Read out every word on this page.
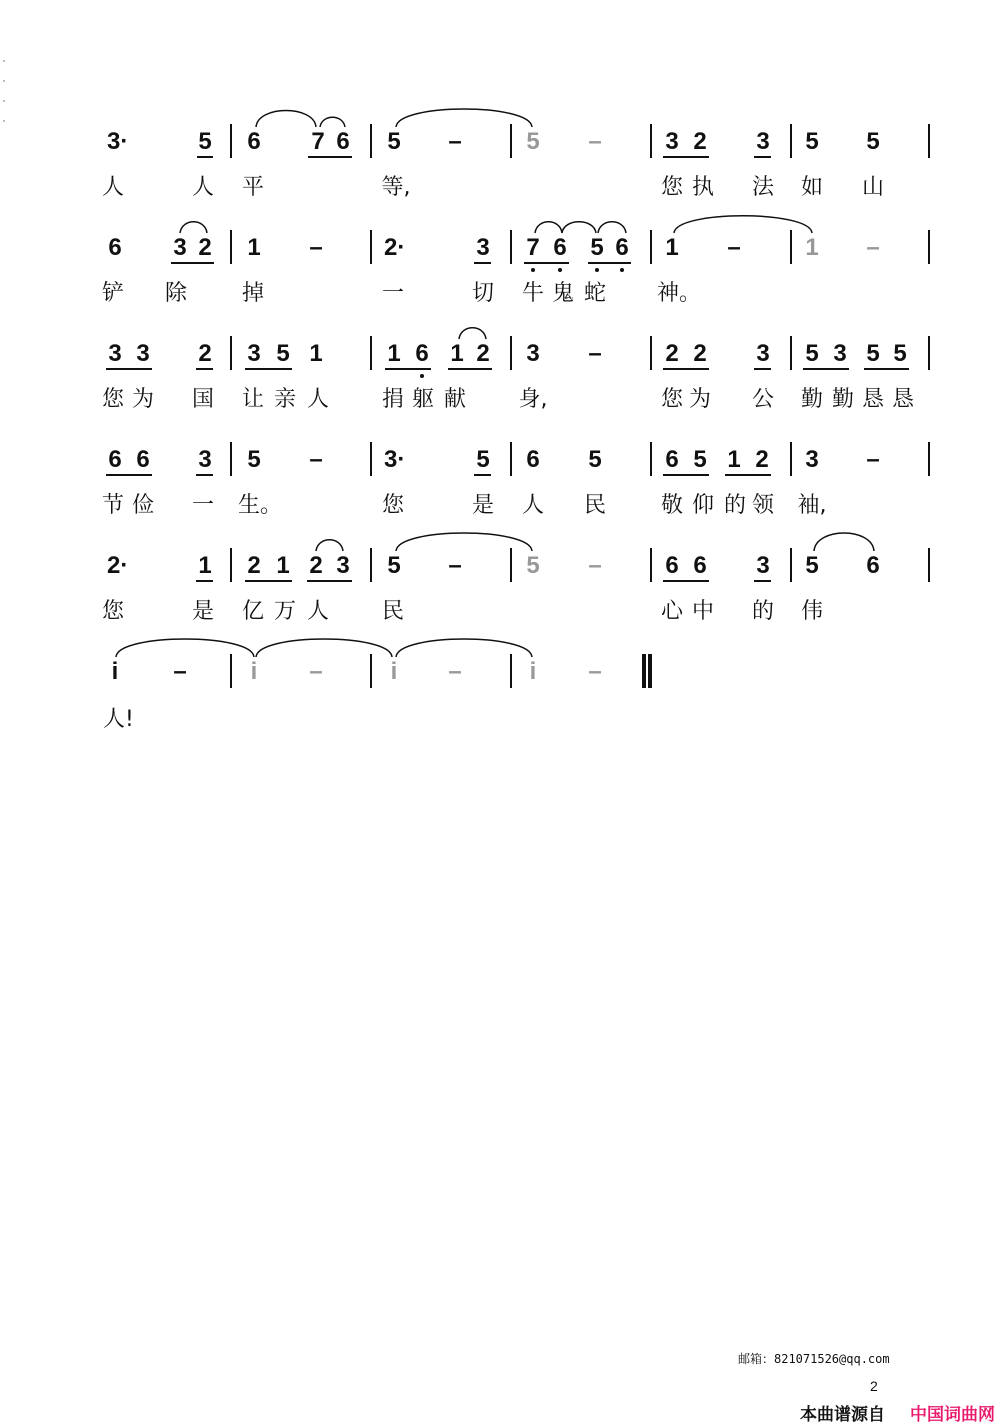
3·	5 6 7 6 5 –	5 –	3 2 3 5 5
人	人 平	等,	您 执 法 如 山
6 3 2 1 –	2·	3 7 6 5 6 1 –	1 –
铲 除 掉	一	切 牛 鬼 蛇 神。
3 3 2 3 5 1	1 6 1 2 3 –	2 2 3 5 3 5 5
您 为 国 让 亲 人 捐 躯 献 身,	您 为 公 勤 勤 恳 恳
6 6 3 5 –	3·	5 6 5	6 5 1 2 3 –
节 俭 一 生。	您	是 人 民 敬 仰 的 领 袖,
2·	1 2 1 2 3 5 –	5 –	6 6 3 5 6
您	是 亿 万 人 民	心 中 的 伟
i –	i –	i –	i –
人!
邮箱：821071526@qq.com
2
本曲谱源自 中国词曲网
